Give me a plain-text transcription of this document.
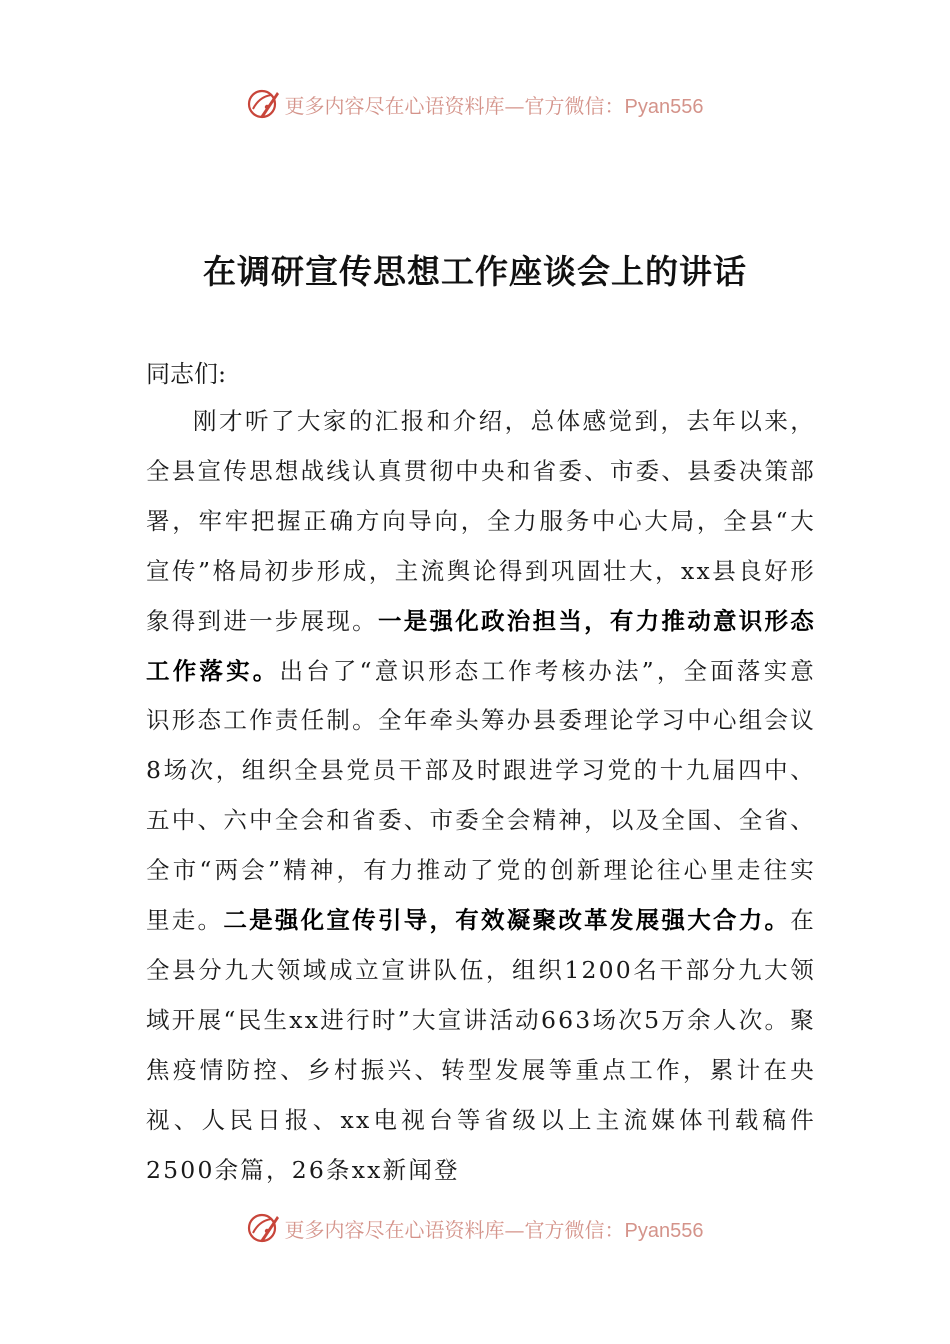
更多内容尽在心语资料库—官方微信：Pyan556
在调研宣传思想工作座谈会上的讲话

同志们:

刚才听了大家的汇报和介绍，总体感觉到，去年以来，全县宣传思想战线认真贯彻中央和省委、市委、县委决策部署，牢牢把握正确方向导向，全力服务中心大局，全县“大宣传”格局初步形成，主流舆论得到巩固壮大，xx县良好形象得到进一步展现。一是强化政治担当，有力推动意识形态工作落实。出台了“意识形态工作考核办法”，全面落实意识形态工作责任制。全年牵头筹办县委理论学习中心组会议8场次，组织全县党员干部及时跟进学习党的十九届四中、五中、六中全会和省委、市委全会精神，以及全国、全省、全市“两会”精神，有力推动了党的创新理论往心里走往实里走。二是强化宣传引导，有效凝聚改革发展强大合力。在全县分九大领域成立宣讲队伍，组织1200名干部分九大领域开展“民生xx进行时”大宣讲活动663场次5万余人次。聚焦疫情防控、乡村振兴、转型发展等重点工作，累计在央视、人民日报、xx电视台等省级以上主流媒体刊载稿件2500余篇，26条xx新闻登

更多内容尽在心语资料库—官方微信：Pyan556
